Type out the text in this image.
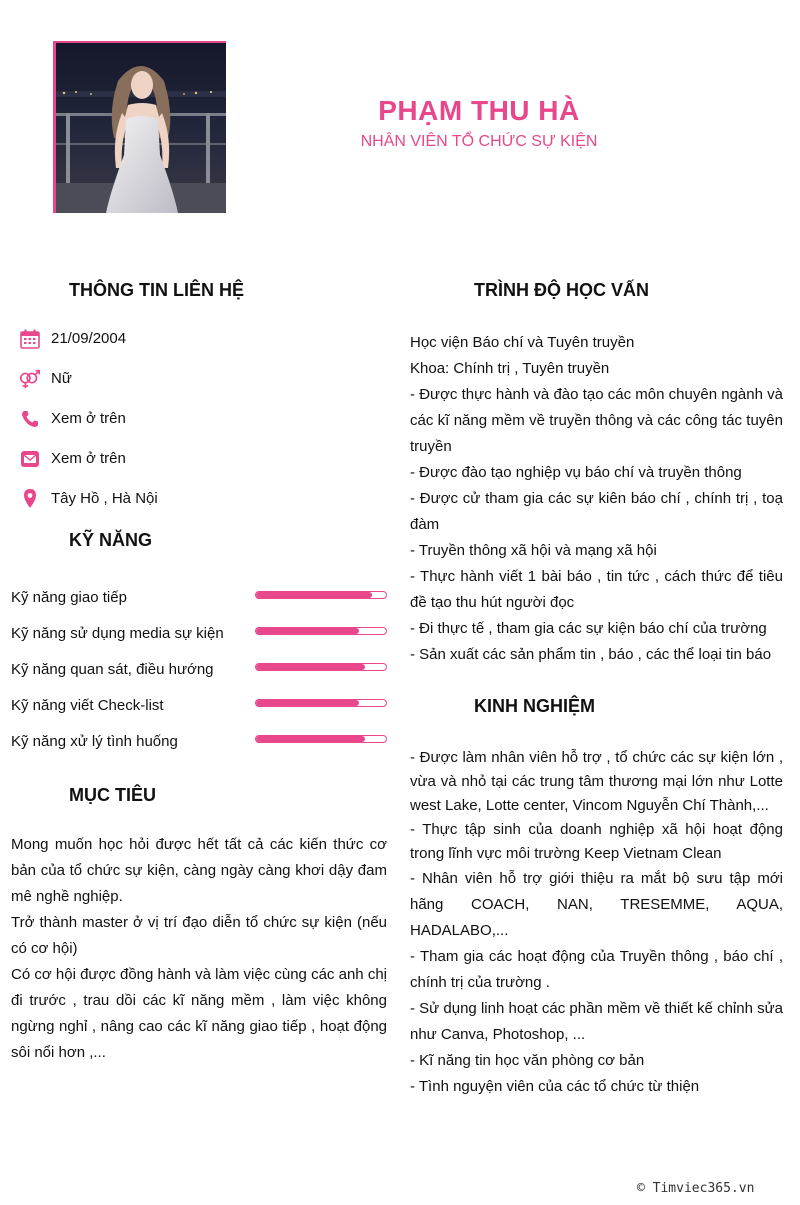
PHẠM THU HÀ
NHÂN VIÊN TỔ CHỨC SỰ KIỆN
THÔNG TIN LIÊN HỆ
21/09/2004
Nữ
Xem ở trên
Xem ở trên
Tây Hồ , Hà Nội
KỸ NĂNG
Kỹ năng giao tiếp
Kỹ năng sử dụng media sự kiện
Kỹ năng quan sát, điều hướng
Kỹ năng viết Check-list
Kỹ năng xử lý tình huống
MỤC TIÊU

Mong muốn học hỏi được hết tất cả các kiến thức cơ bản của tổ chức sự kiện, càng ngày càng khơi dậy đam mê nghề nghiệp.

Trở thành master ở vị trí đạo diễn tổ chức sự kiện (nếu có cơ hội)

Có cơ hội được đồng hành và làm việc cùng các anh chị đi trước , trau dồi các kĩ năng mềm , làm việc không ngừng nghỉ , nâng cao các kĩ năng giao tiếp , hoạt động sôi nổi hơn ,...

TRÌNH ĐỘ HỌC VẤN

Học viện Báo chí và Tuyên truyền

Khoa: Chính trị , Tuyên truyền

- Được thực hành và đào tạo các môn chuyên ngành và các kĩ năng mềm về truyền thông và các công tác tuyên truyền

- Được đào tạo nghiệp vụ báo chí và truyền thông

- Được cử tham gia các sự kiên báo chí , chính trị , toạ đàm

- Truyền thông xã hội và mạng xã hội

- Thực hành viết 1 bài báo , tin tức , cách thức để tiêu đề tạo thu hút người đọc

- Đi thực tế , tham gia các sự kiện báo chí của trường

- Sản xuất các sản phẩm tin , báo , các thể loại tin báo

KINH NGHIỆM

- Được làm nhân viên hỗ trợ , tổ chức các sự kiện lớn , vừa và nhỏ tại các trung tâm thương mại lớn như Lotte west Lake, Lotte center, Vincom Nguyễn Chí Thành,...

- Thực tập sinh của doanh nghiệp xã hội hoạt động trong lĩnh vực môi trường Keep Vietnam Clean

- Nhân viên hỗ trợ giới thiệu ra mắt bộ sưu tập mới hãng COACH, NAN, TRESEMME, AQUA, HADALABO,...

- Tham gia các hoạt động của Truyền thông , báo chí , chính trị của trường .

- Sử dụng linh hoạt các phần mềm về thiết kế chỉnh sửa như Canva, Photoshop, ...

- Kĩ năng tin học văn phòng cơ bản

- Tình nguyện viên của các tổ chức từ thiện

© Timviec365.vn
